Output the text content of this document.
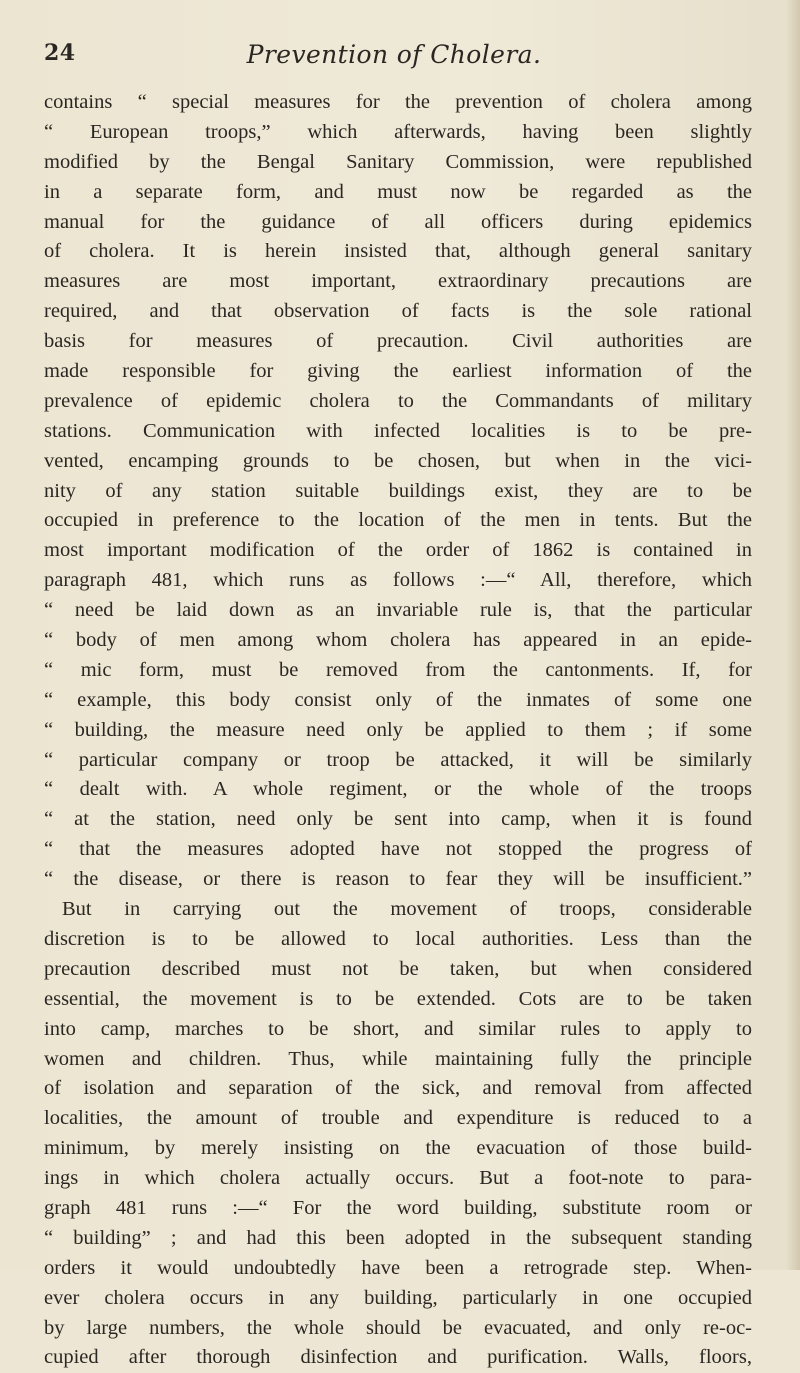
24	Prevention of Cholera.
contains “ special measures for the prevention of cholera among
“ European troops,” which afterwards, having been slightly
modified by the Bengal Sanitary Commission, were republished
in a separate form, and must now be regarded as the
manual for the guidance of all officers during epidemics
of cholera. It is herein insisted that, although general sanitary
measures are most important, extraordinary precautions are
required, and that observation of facts is the sole rational
basis for measures of precaution. Civil authorities are
made responsible for giving the earliest information of the
prevalence of epidemic cholera to the Commandants of military
stations. Communication with infected localities is to be pre-
vented, encamping grounds to be chosen, but when in the vici-
nity of any station suitable buildings exist, they are to be
occupied in preference to the location of the men in tents. But the
most important modification of the order of 1862 is contained in
paragraph 481, which runs as follows :—“ All, therefore, which
“ need be laid down as an invariable rule is, that the particular
“ body of men among whom cholera has appeared in an epide-
“ mic form, must be removed from the cantonments. If, for
“ example, this body consist only of the inmates of some one
“ building, the measure need only be applied to them ; if some
“ particular company or troop be attacked, it will be similarly
“ dealt with. A whole regiment, or the whole of the troops
“ at the station, need only be sent into camp, when it is found
“ that the measures adopted have not stopped the progress of
“ the disease, or there is reason to fear they will be insufficient.”
But in carrying out the movement of troops, considerable
discretion is to be allowed to local authorities. Less than the
precaution described must not be taken, but when considered
essential, the movement is to be extended. Cots are to be taken
into camp, marches to be short, and similar rules to apply to
women and children. Thus, while maintaining fully the principle
of isolation and separation of the sick, and removal from affected
localities, the amount of trouble and expenditure is reduced to a
minimum, by merely insisting on the evacuation of those build-
ings in which cholera actually occurs. But a foot-note to para-
graph 481 runs :—“ For the word building, substitute room or
“ building” ; and had this been adopted in the subsequent standing
orders it would undoubtedly have been a retrograde step. When-
ever cholera occurs in any building, particularly in one occupied
by large numbers, the whole should be evacuated, and only re-oc-
cupied after thorough disinfection and purification. Walls, floors,
